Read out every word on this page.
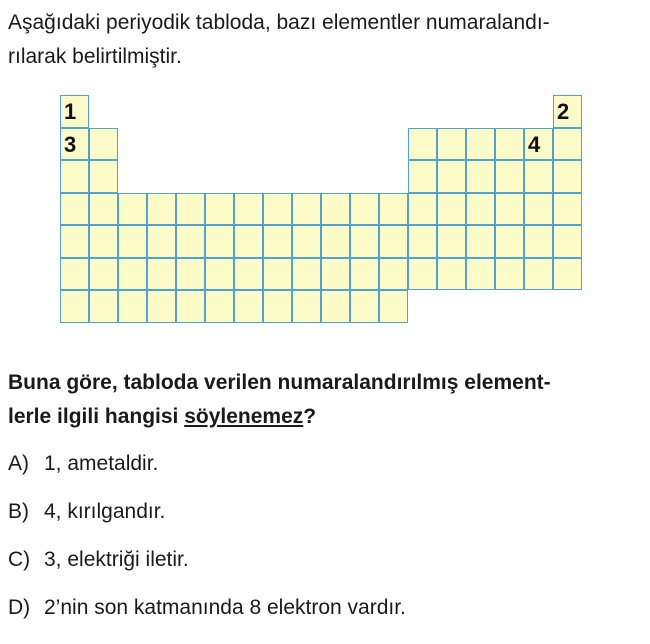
Aşağıdaki periyodik tabloda, bazı elementler numaralandı-
rılarak belirtilmiştir.
1	2
3	4
Buna göre, tabloda verilen numaralandırılmış element-
lerle ilgili hangisi söylenemez?
A) 1, ametaldir.
B) 4, kırılgandır.
C) 3, elektriği iletir.
D) 2’nin son katmanında 8 elektron vardır.
